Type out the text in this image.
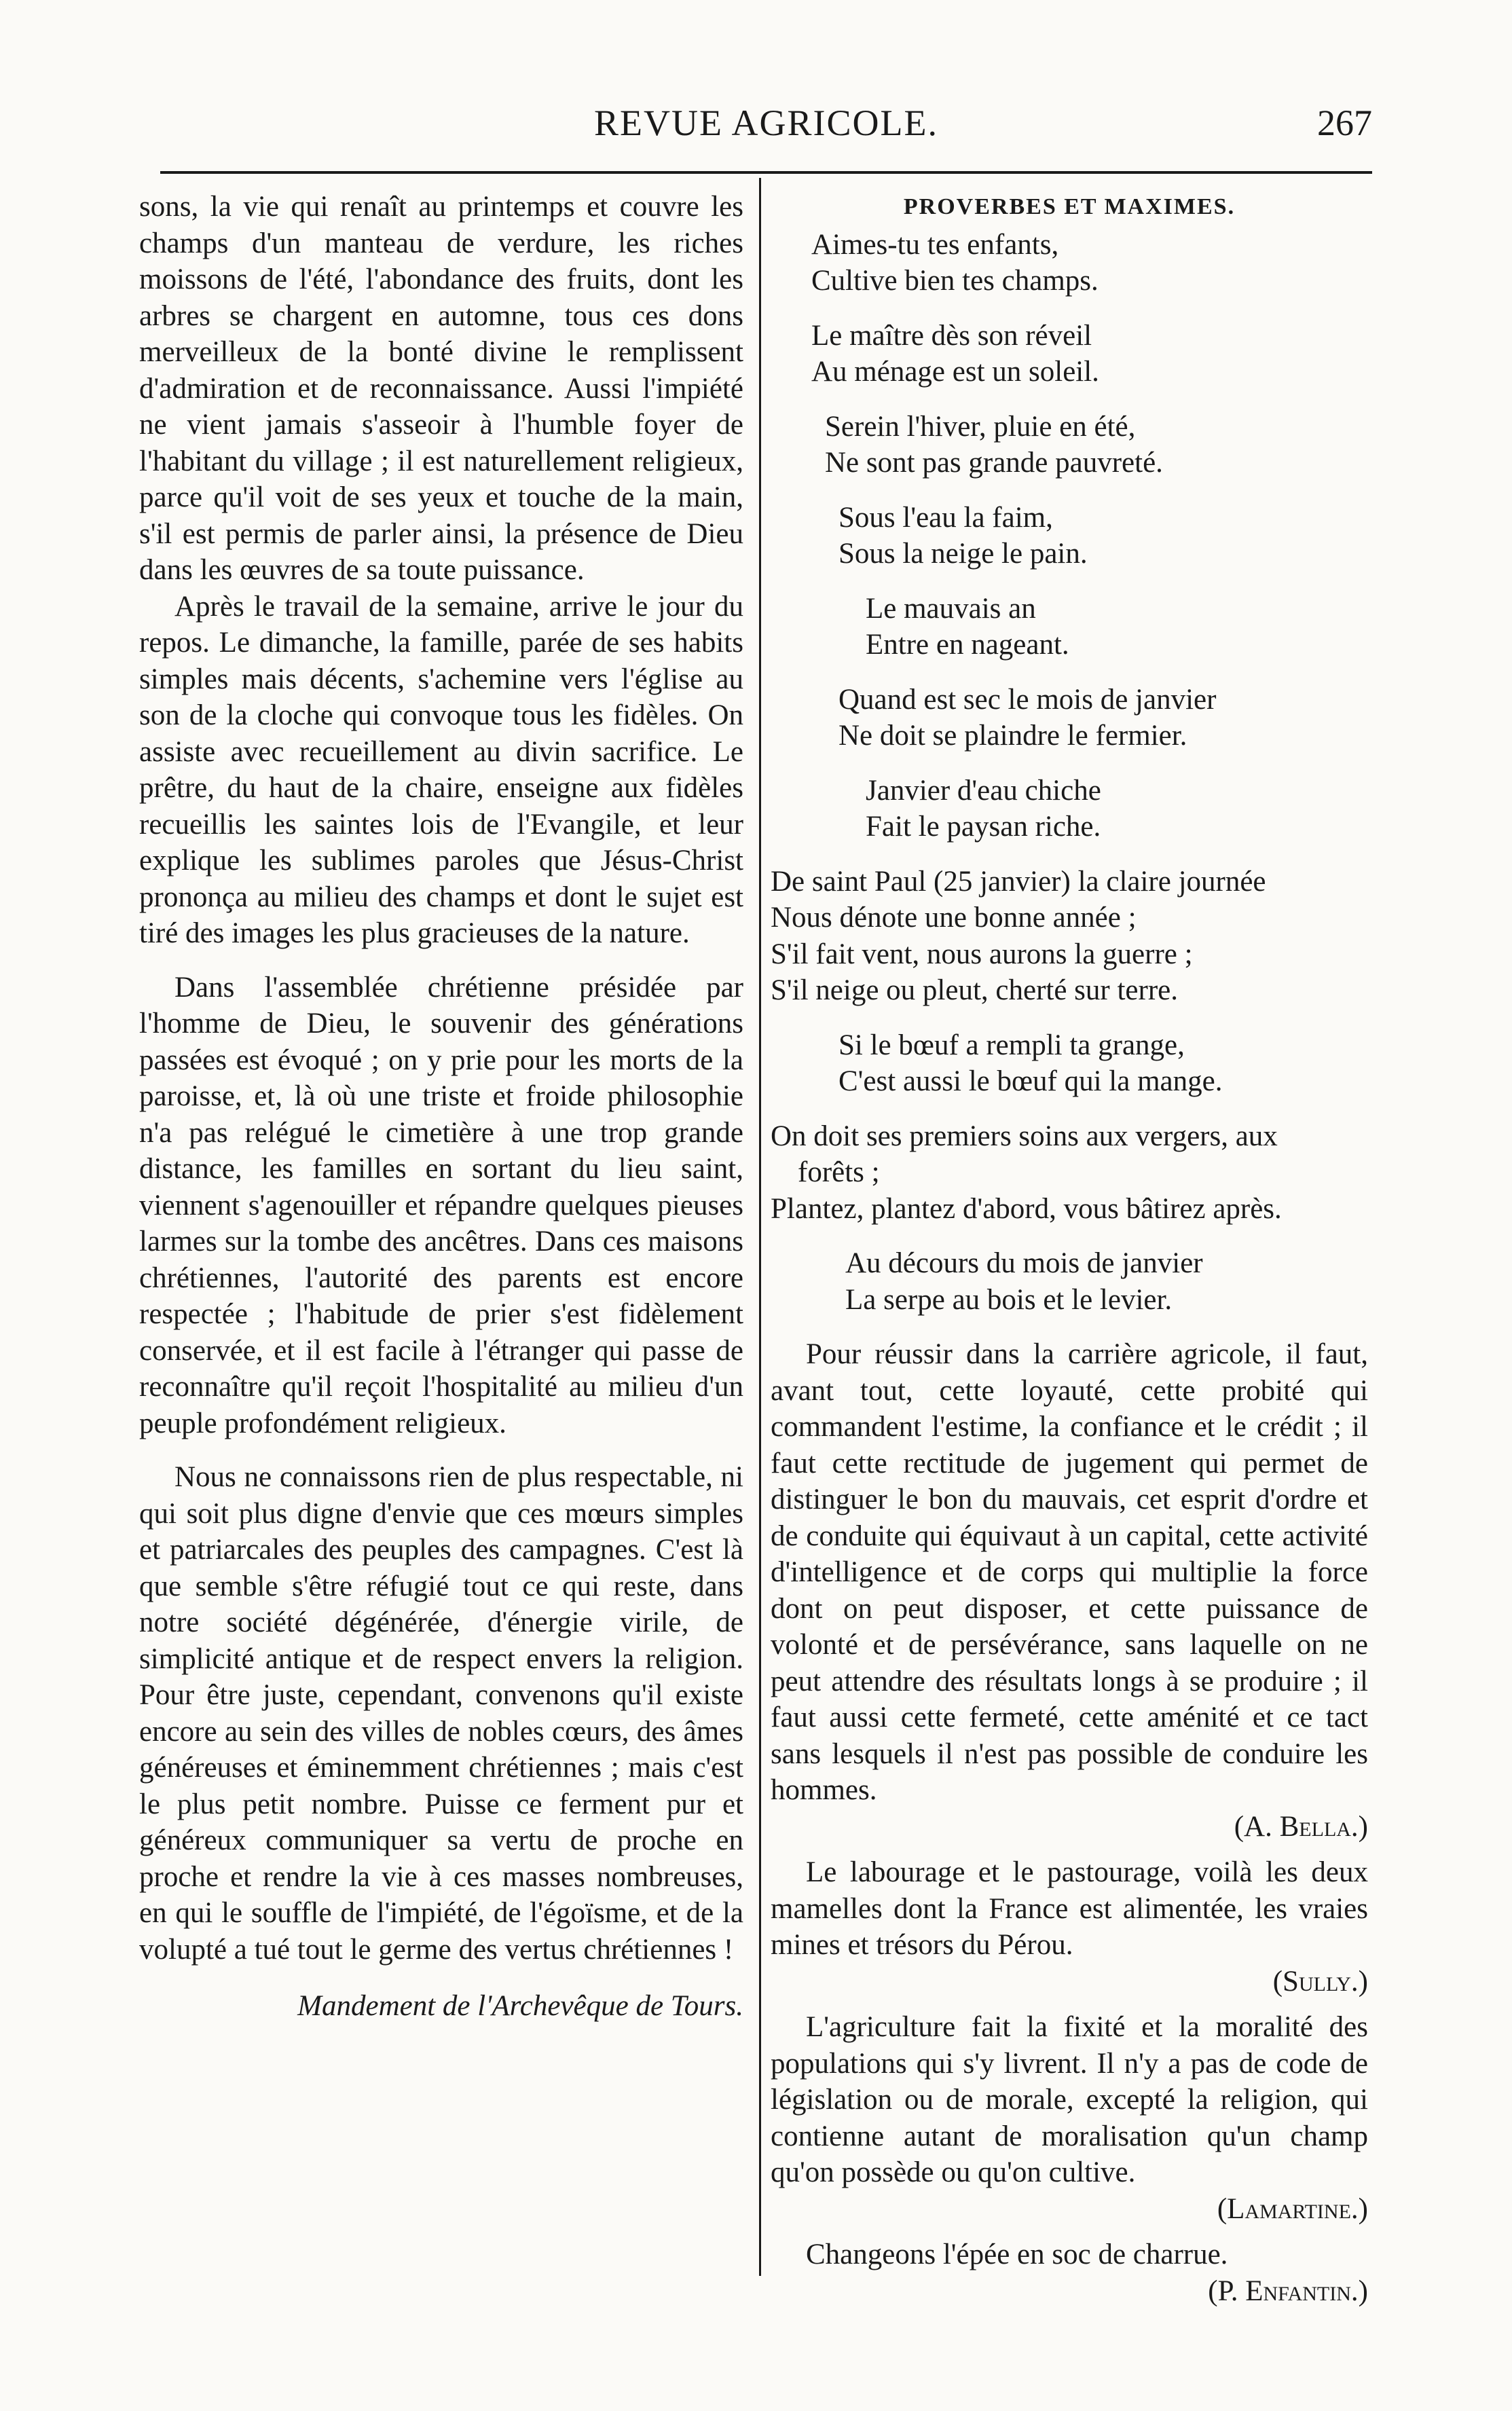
REVUE AGRICOLE.	267

sons, la vie qui renaît au printemps et couvre les champs d'un manteau de verdure, les riches moissons de l'été, l'abondance des fruits, dont les arbres se chargent en automne, tous ces dons merveilleux de la bonté divine le remplissent d'admiration et de reconnaissance. Aussi l'impiété ne vient jamais s'asseoir à l'humble foyer de l'habitant du village ; il est naturellement religieux, parce qu'il voit de ses yeux et touche de la main, s'il est permis de parler ainsi, la présence de Dieu dans les œuvres de sa toute puissance.

Après le travail de la semaine, arrive le jour du repos. Le dimanche, la famille, parée de ses habits simples mais décents, s'achemine vers l'église au son de la cloche qui convoque tous les fidèles. On assiste avec recueillement au divin sacrifice. Le prêtre, du haut de la chaire, enseigne aux fidèles recueillis les saintes lois de l'Evangile, et leur explique les sublimes paroles que Jésus-Christ prononça au milieu des champs et dont le sujet est tiré des images les plus gracieuses de la nature.

Dans l'assemblée chrétienne présidée par l'homme de Dieu, le souvenir des générations passées est évoqué ; on y prie pour les morts de la paroisse, et, là où une triste et froide philosophie n'a pas relégué le cimetière à une trop grande distance, les familles en sortant du lieu saint, viennent s'agenouiller et répandre quelques pieuses larmes sur la tombe des ancêtres. Dans ces maisons chrétiennes, l'autorité des parents est encore respectée ; l'habitude de prier s'est fidèlement conservée, et il est facile à l'étranger qui passe de reconnaître qu'il reçoit l'hospitalité au milieu d'un peuple profondément religieux.

Nous ne connaissons rien de plus respectable, ni qui soit plus digne d'envie que ces mœurs simples et patriarcales des peuples des campagnes. C'est là que semble s'être réfugié tout ce qui reste, dans notre société dégénérée, d'énergie virile, de simplicité antique et de respect envers la religion. Pour être juste, cependant, convenons qu'il existe encore au sein des villes de nobles cœurs, des âmes généreuses et éminemment chrétiennes ; mais c'est le plus petit nombre. Puisse ce ferment pur et généreux communiquer sa vertu de proche en proche et rendre la vie à ces masses nombreuses, en qui le souffle de l'impiété, de l'égoïsme, et de la volupté a tué tout le germe des vertus chrétiennes !

Mandement de l'Archevêque de Tours.
PROVERBES ET MAXIMES.
Aimes-tu tes enfants,
Cultive bien tes champs.
Le maître dès son réveil
Au ménage est un soleil.
Serein l'hiver, pluie en été,
Ne sont pas grande pauvreté.
Sous l'eau la faim,
Sous la neige le pain.
Le mauvais an
Entre en nageant.
Quand est sec le mois de janvier
Ne doit se plaindre le fermier.
Janvier d'eau chiche
Fait le paysan riche.
De saint Paul (25 janvier) la claire journée
Nous dénote une bonne année ;
S'il fait vent, nous aurons la guerre ;
S'il neige ou pleut, cherté sur terre.
Si le bœuf a rempli ta grange,
C'est aussi le bœuf qui la mange.
On doit ses premiers soins aux vergers, aux
forêts ;
Plantez, plantez d'abord, vous bâtirez après.
Au décours du mois de janvier
La serpe au bois et le levier.

Pour réussir dans la carrière agricole, il faut, avant tout, cette loyauté, cette probité qui commandent l'estime, la confiance et le crédit ; il faut cette rectitude de jugement qui permet de distinguer le bon du mauvais, cet esprit d'ordre et de conduite qui équivaut à un capital, cette activité d'intelligence et de corps qui multiplie la force dont on peut disposer, et cette puissance de volonté et de persévérance, sans laquelle on ne peut attendre des résultats longs à se produire ; il faut aussi cette fermeté, cette aménité et ce tact sans lesquels il n'est pas possible de conduire les hommes.

(A. Bella.)

Le labourage et le pastourage, voilà les deux mamelles dont la France est alimentée, les vraies mines et trésors du Pérou.

(Sully.)

L'agriculture fait la fixité et la moralité des populations qui s'y livrent. Il n'y a pas de code de législation ou de morale, excepté la religion, qui contienne autant de moralisation qu'un champ qu'on possède ou qu'on cultive.

(Lamartine.)

Changeons l'épée en soc de charrue.

(P. Enfantin.)
